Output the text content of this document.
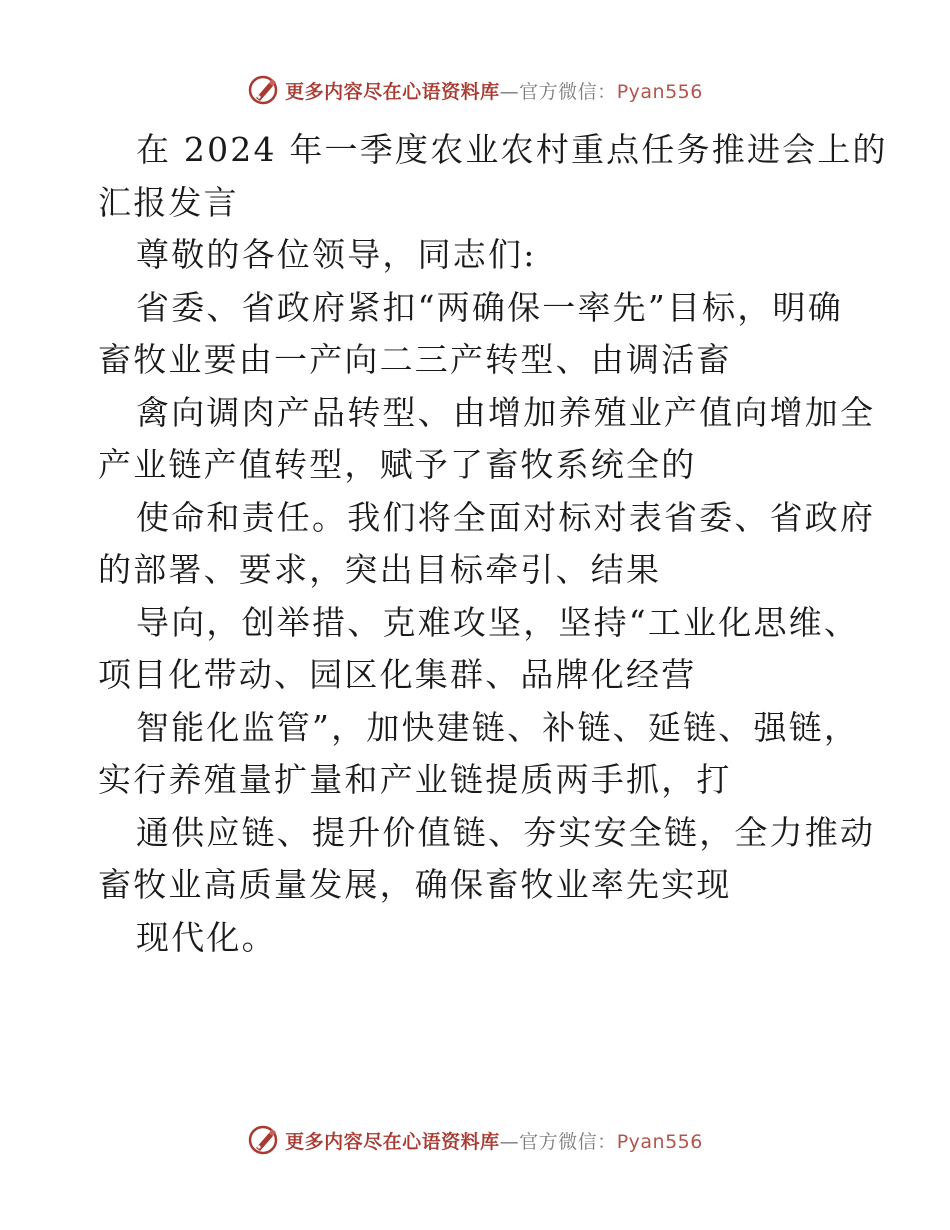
更多内容尽在心语资料库—官方微信：Pyan556
在 2024 年一季度农业农村重点任务推进会上的
汇报发言
尊敬的各位领导，同志们:
省委、省政府紧扣“两确保一率先”目标，明确
畜牧业要由一产向二三产转型、由调活畜
禽向调肉产品转型、由增加养殖业产值向增加全
产业链产值转型，赋予了畜牧系统全的
使命和责任。我们将全面对标对表省委、省政府
的部署、要求，突出目标牵引、结果
导向，创举措、克难攻坚，坚持“工业化思维、
项目化带动、园区化集群、品牌化经营
智能化监管”，加快建链、补链、延链、强链，
实行养殖量扩量和产业链提质两手抓，打
通供应链、提升价值链、夯实安全链，全力推动
畜牧业高质量发展，确保畜牧业率先实现
现代化。
更多内容尽在心语资料库—官方微信：Pyan556
